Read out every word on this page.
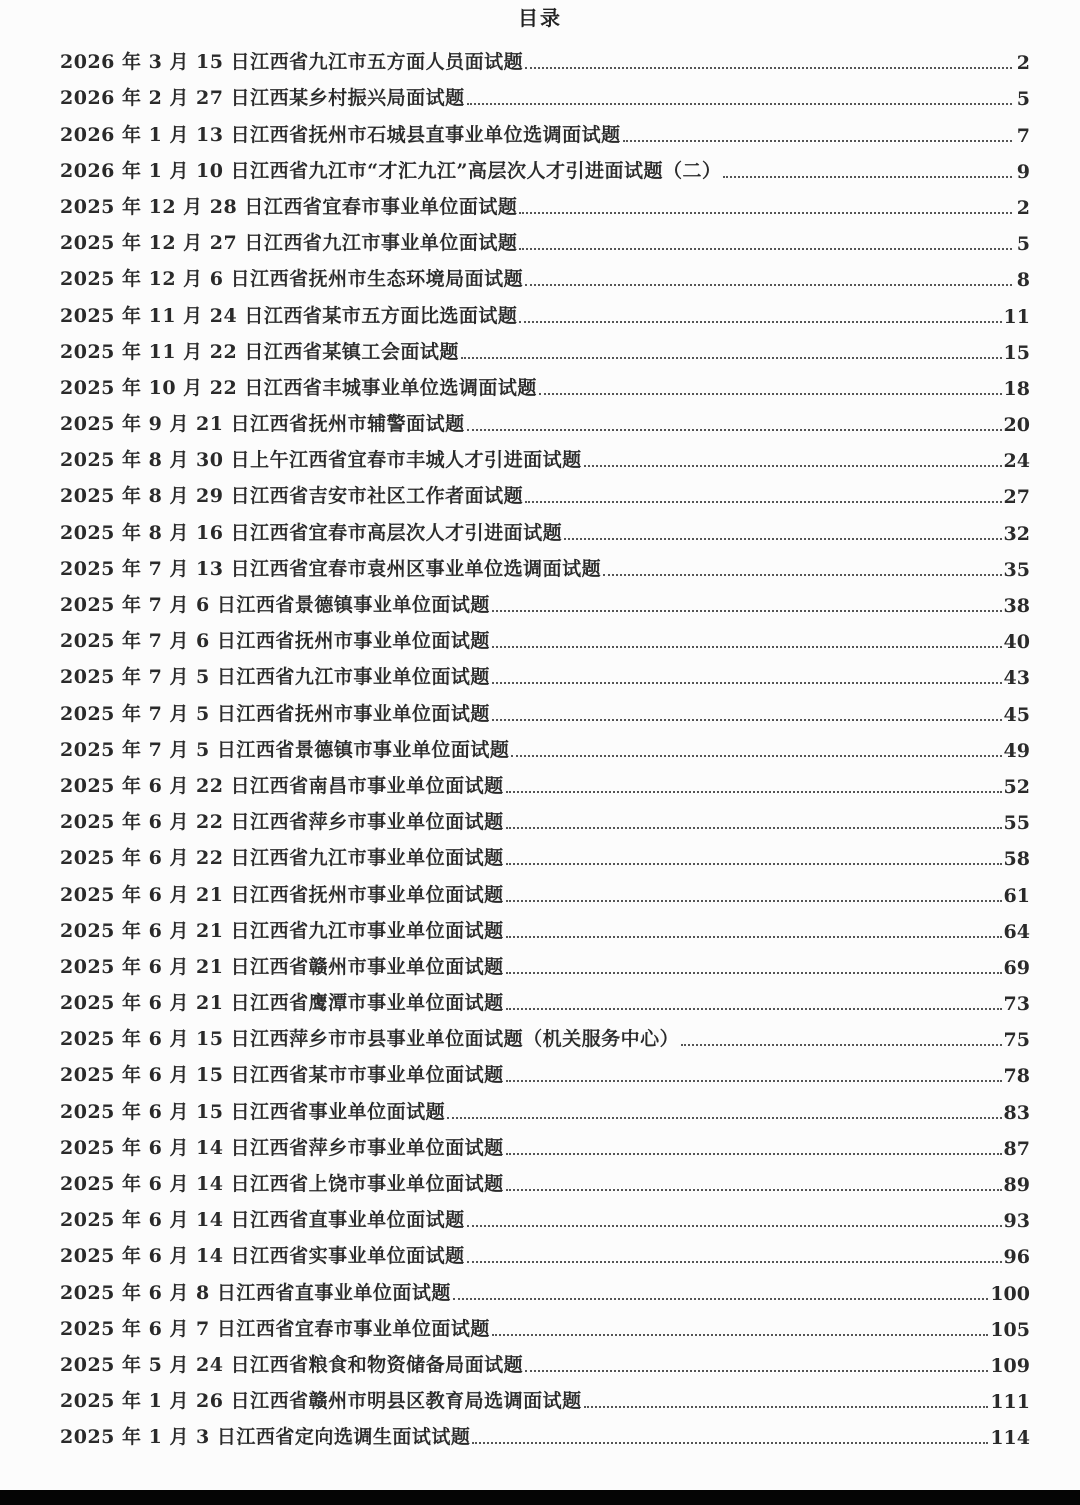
目录
2026 年 3 月 15 日江西省九江市五方面人员面试题	2
2026 年 2 月 27 日江西某乡村振兴局面试题	5
2026 年 1 月 13 日江西省抚州市石城县直事业单位选调面试题	7
2026 年 1 月 10 日江西省九江市“才汇九江”高层次人才引进面试题（二）	9
2025 年 12 月 28 日江西省宜春市事业单位面试题	2
2025 年 12 月 27 日江西省九江市事业单位面试题	5
2025 年 12 月 6 日江西省抚州市生态环境局面试题	8
2025 年 11 月 24 日江西省某市五方面比选面试题	11
2025 年 11 月 22 日江西省某镇工会面试题	15
2025 年 10 月 22 日江西省丰城事业单位选调面试题	18
2025 年 9 月 21 日江西省抚州市辅警面试题	20
2025 年 8 月 30 日上午江西省宜春市丰城人才引进面试题	24
2025 年 8 月 29 日江西省吉安市社区工作者面试题	27
2025 年 8 月 16 日江西省宜春市高层次人才引进面试题	32
2025 年 7 月 13 日江西省宜春市袁州区事业单位选调面试题	35
2025 年 7 月 6 日江西省景德镇事业单位面试题	38
2025 年 7 月 6 日江西省抚州市事业单位面试题	40
2025 年 7 月 5 日江西省九江市事业单位面试题	43
2025 年 7 月 5 日江西省抚州市事业单位面试题	45
2025 年 7 月 5 日江西省景德镇市事业单位面试题	49
2025 年 6 月 22 日江西省南昌市事业单位面试题	52
2025 年 6 月 22 日江西省萍乡市事业单位面试题	55
2025 年 6 月 22 日江西省九江市事业单位面试题	58
2025 年 6 月 21 日江西省抚州市事业单位面试题	61
2025 年 6 月 21 日江西省九江市事业单位面试题	64
2025 年 6 月 21 日江西省赣州市事业单位面试题	69
2025 年 6 月 21 日江西省鹰潭市事业单位面试题	73
2025 年 6 月 15 日江西萍乡市市县事业单位面试题（机关服务中心）	75
2025 年 6 月 15 日江西省某市市事业单位面试题	78
2025 年 6 月 15 日江西省事业单位面试题	83
2025 年 6 月 14 日江西省萍乡市事业单位面试题	87
2025 年 6 月 14 日江西省上饶市事业单位面试题	89
2025 年 6 月 14 日江西省直事业单位面试题	93
2025 年 6 月 14 日江西省实事业单位面试题	96
2025 年 6 月 8 日江西省直事业单位面试题	100
2025 年 6 月 7 日江西省宜春市事业单位面试题	105
2025 年 5 月 24 日江西省粮食和物资储备局面试题	109
2025 年 1 月 26 日江西省赣州市明县区教育局选调面试题	111
2025 年 1 月 3 日江西省定向选调生面试试题	114
